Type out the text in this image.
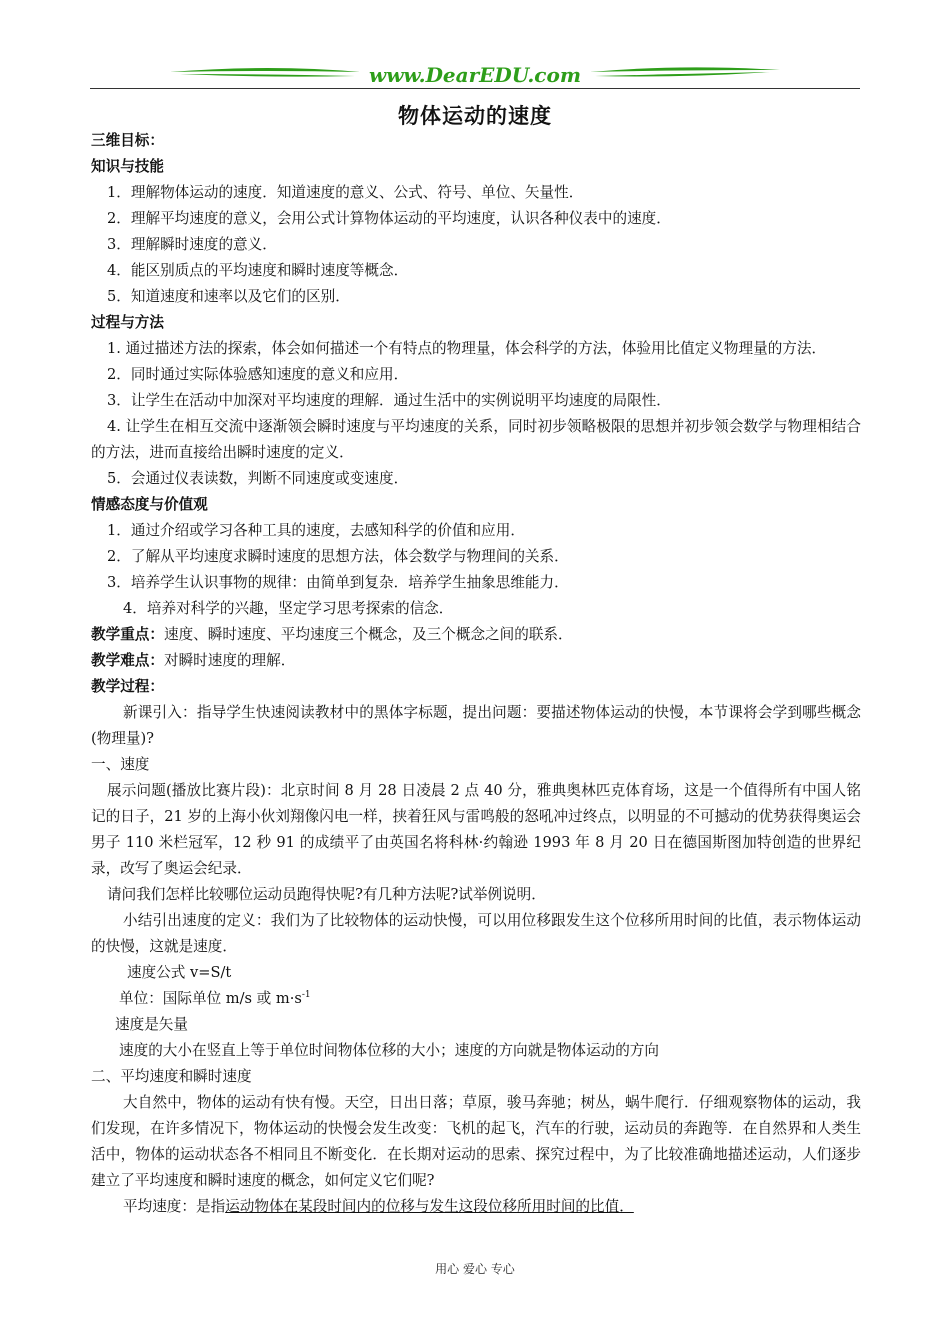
www.DearEDU.com
物体运动的速度
三维目标：
知识与技能
1．理解物体运动的速度．知道速度的意义、公式、符号、单位、矢量性．
2．理解平均速度的意义，会用公式计算物体运动的平均速度，认识各种仪表中的速度．
3．理解瞬时速度的意义．
4．能区别质点的平均速度和瞬时速度等概念．
5．知道速度和速率以及它们的区别．
过程与方法
1. 通过描述方法的探索，体会如何描述一个有特点的物理量，体会科学的方法，体验用比值定义物理量的方法．
2．同时通过实际体验感知速度的意义和应用．
3．让学生在活动中加深对平均速度的理解．通过生活中的实例说明平均速度的局限性．
4. 让学生在相互交流中逐渐领会瞬时速度与平均速度的关系，同时初步领略极限的思想并初步领会数学与物理相结合的方法，进而直接给出瞬时速度的定义．
5．会通过仪表读数，判断不同速度或变速度．
情感态度与价值观
1．通过介绍或学习各种工具的速度，去感知科学的价值和应用．
2．了解从平均速度求瞬时速度的思想方法，体会数学与物理间的关系．
3．培养学生认识事物的规律：由简单到复杂．培养学生抽象思维能力．
4．培养对科学的兴趣，坚定学习思考探索的信念．
教学重点：速度、瞬时速度、平均速度三个概念，及三个概念之间的联系．
教学难点：对瞬时速度的理解．
教学过程：
新课引入：指导学生快速阅读教材中的黑体字标题，提出问题：要描述物体运动的快慢，本节课将会学到哪些概念(物理量)?
一、速度
展示问题(播放比赛片段)：北京时间 8 月 28 日凌晨 2 点 40 分，雅典奥林匹克体育场，这是一个值得所有中国人铭记的日子，21 岁的上海小伙刘翔像闪电一样，挟着狂风与雷鸣般的怒吼冲过终点，以明显的不可撼动的优势获得奥运会男子 110 米栏冠军，12 秒 91 的成绩平了由英国名将科林·约翰逊 1993 年 8 月 20 日在德国斯图加特创造的世界纪录，改写了奥运会纪录．
请问我们怎样比较哪位运动员跑得快呢?有几种方法呢?试举例说明．
小结引出速度的定义：我们为了比较物体的运动快慢，可以用位移跟发生这个位移所用时间的比值，表示物体运动的快慢，这就是速度．
速度公式 v=S/t
单位：国际单位 m/s 或 $m\cdot s^{-1}$
速度是矢量
速度的大小在竖直上等于单位时间物体位移的大小；速度的方向就是物体运动的方向
二、平均速度和瞬时速度
大自然中，物体的运动有快有慢。天空，日出日落；草原，骏马奔驰；树丛，蜗牛爬行．仔细观察物体的运动，我们发现，在许多情况下，物体运动的快慢会发生改变：飞机的起飞，汽车的行驶，运动员的奔跑等．在自然界和人类生活中，物体的运动状态各不相同且不断变化．在长期对运动的思索、探究过程中，为了比较准确地描述运动，人们逐步建立了平均速度和瞬时速度的概念，如何定义它们呢?
平均速度：是指运动物体在某段时间内的位移与发生这段位移所用时间的比值．
用心 爱心 专心
